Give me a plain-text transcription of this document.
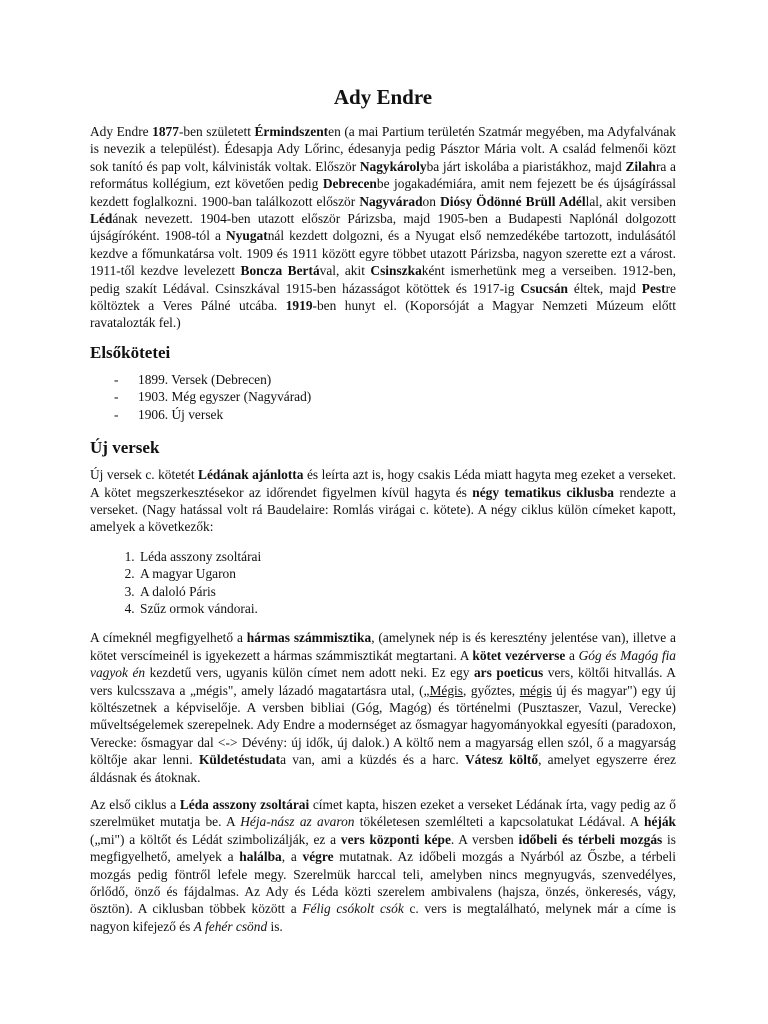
Ady Endre

Ady Endre 1877-ben született Érmindszenten (a mai Partium területén Szatmár megyében, ma Adyfalvának is nevezik a települést). Édesapja Ady Lőrinc, édesanyja pedig Pásztor Mária volt. A család felmenői közt sok tanító és pap volt, kálvinisták voltak. Először Nagykárolyba járt iskolába a piaristákhoz, majd Zilahra a református kollégium, ezt követően pedig Debrecenbe jogakadémiára, amit nem fejezett be és újságírással kezdett foglalkozni. 1900-ban találkozott először Nagyváradon Diósy Ödönné Brüll Adéllal, akit versiben Lédának nevezett. 1904-ben utazott először Párizsba, majd 1905-ben a Budapesti Naplónál dolgozott újságíróként. 1908-tól a Nyugatnál kezdett dolgozni, és a Nyugat első nemzedékébe tartozott, indulásától kezdve a főmunkatársa volt. 1909 és 1911 között egyre többet utazott Párizsba, nagyon szerette ezt a várost. 1911-től kezdve levelezett Boncza Bertával, akit Csinszkaként ismerhetünk meg a verseiben. 1912-ben, pedig szakít Lédával. Csinszkával 1915-ben házasságot kötöttek és 1917-ig Csucsán éltek, majd Pestre költöztek a Veres Pálné utcába. 1919-ben hunyt el. (Koporsóját a Magyar Nemzeti Múzeum előtt ravatalozták fel.)

Elsőkötetei
- 1899. Versek (Debrecen)
- 1903. Még egyszer (Nagyvárad)
- 1906. Új versek
Új versek

Új versek c. kötetét Lédának ajánlotta és leírta azt is, hogy csakis Léda miatt hagyta meg ezeket a verseket. A kötet megszerkesztésekor az időrendet figyelmen kívül hagyta és négy tematikus ciklusba rendezte a verseket. (Nagy hatással volt rá Baudelaire: Romlás virágai c. kötete). A négy ciklus külön címeket kapott, amelyek a következők:

1. Léda asszony zsoltárai
2. A magyar Ugaron
3. A daloló Páris
4. Szűz ormok vándorai.

A címeknél megfigyelhető a hármas számmisztika, (amelynek nép is és keresztény jelentése van), illetve a kötet verscímeinél is igyekezett a hármas számmisztikát megtartani. A kötet vezérverse a Góg és Magóg fia vagyok én kezdetű vers, ugyanis külön címet nem adott neki. Ez egy ars poeticus vers, költői hitvallás. A vers kulcsszava a „mégis", amely lázadó magatartásra utal, („Mégis, győztes, mégis új és magyar") egy új költészetnek a képviselője. A versben bibliai (Góg, Magóg) és történelmi (Pusztaszer, Vazul, Verecke) műveltségelemek szerepelnek. Ady Endre a modernséget az ősmagyar hagyományokkal egyesíti (paradoxon, Verecke: ősmagyar dal <-> Dévény: új idők, új dalok.) A költő nem a magyarság ellen szól, ő a magyarság költője akar lenni. Küldetéstudata van, ami a küzdés és a harc. Vátesz költő, amelyet egyszerre érez áldásnak és átoknak.

Az első ciklus a Léda asszony zsoltárai címet kapta, hiszen ezeket a verseket Lédának írta, vagy pedig az ő szerelmüket mutatja be. A Héja-nász az avaron tökéletesen szemlélteti a kapcsolatukat Lédával. A héják („mi") a költőt és Lédát szimbolizálják, ez a vers központi képe. A versben időbeli és térbeli mozgás is megfigyelhető, amelyek a halálba, a végre mutatnak. Az időbeli mozgás a Nyárból az Őszbe, a térbeli mozgás pedig föntről lefele megy. Szerelmük harccal teli, amelyben nincs megnyugvás, szenvedélyes, őrlődő, önző és fájdalmas. Az Ady és Léda közti szerelem ambivalens (hajsza, önzés, önkeresés, vágy, ösztön). A ciklusban többek között a Félig csókolt csók c. vers is megtalálható, melynek már a címe is nagyon kifejező és A fehér csönd is.
